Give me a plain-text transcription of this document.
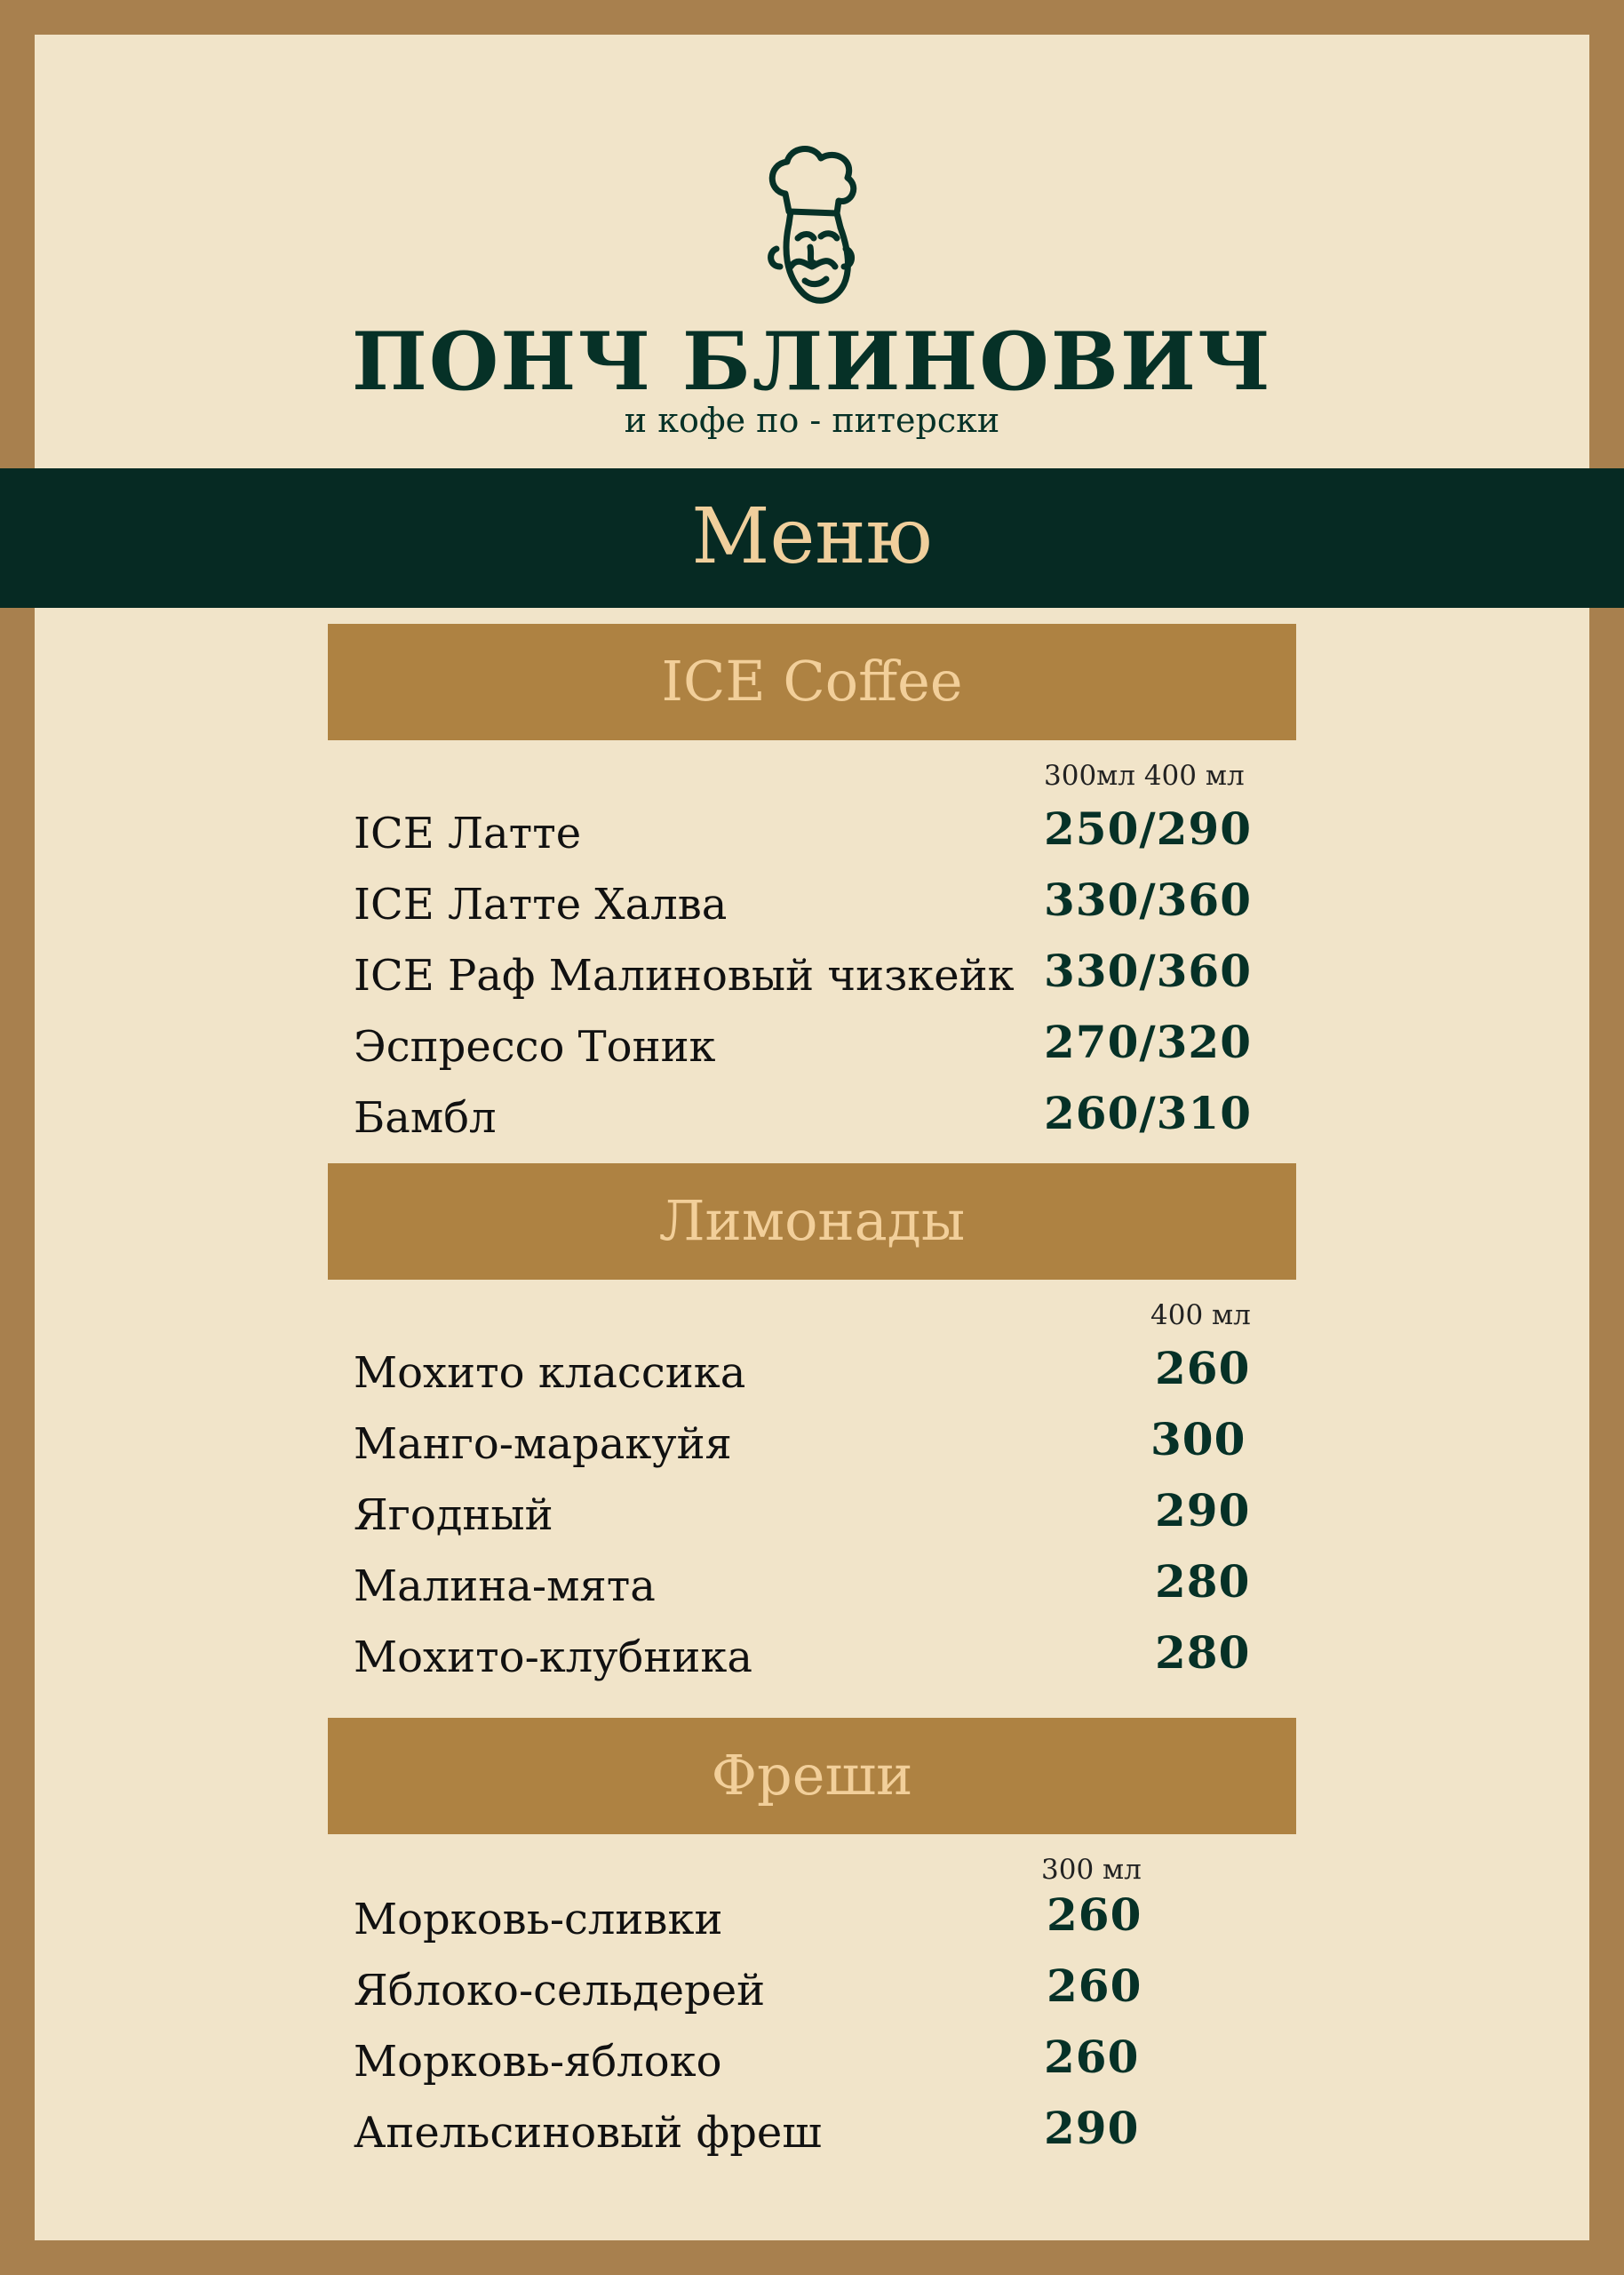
ПОНЧ БЛИНОВИЧ
и кофе по - питерски
Меню
ICE Coffee
300мл 400 мл
ICE Латте	250/290
ICE Латте Халва	330/360
ICE Раф Малиновый чизкейк 330/360
Эспрессо Тоник	270/320
Бамбл	260/310
Лимонады
400 мл
Мохито классика	260
Манго-маракуйя	300
Ягодный	290
Малина-мята	280
Мохито-клубника	280
Фреши
300 мл
Морковь-сливки	260
Яблоко-сельдерей	260
Морковь-яблоко	260
Апельсиновый фреш	290
